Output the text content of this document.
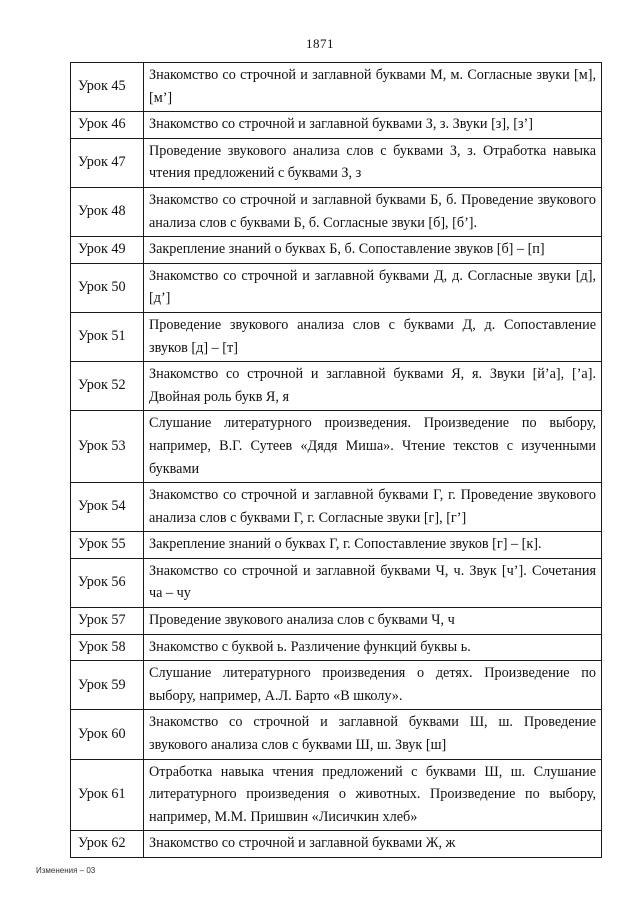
1871
Урок 45	Знакомство со строчной и заглавной буквами М, м. Согласные звуки [м], [м’]
Урок 46	Знакомство со строчной и заглавной буквами З, з. Звуки [з], [з’]
Урок 47	Проведение звукового анализа слов с буквами З, з. Отработка навыка чтения предложений с буквами З, з
Урок 48	Знакомство со строчной и заглавной буквами Б, б. Проведение звукового анализа слов с буквами Б, б. Согласные звуки [б], [б’].
Урок 49	Закрепление знаний о буквах Б, б. Сопоставление звуков [б] – [п]
Урок 50	Знакомство со строчной и заглавной буквами Д, д. Согласные звуки [д], [д’]
Урок 51	Проведение звукового анализа слов с буквами Д, д. Сопоставление звуков [д] – [т]
Урок 52	Знакомство со строчной и заглавной буквами Я, я. Звуки [й’а], [’а]. Двойная роль букв Я, я
Урок 53	Слушание литературного произведения. Произведение по выбору, например, В.Г. Сутеев «Дядя Миша». Чтение текстов с изученными буквами
Урок 54	Знакомство со строчной и заглавной буквами Г, г. Проведение звукового анализа слов с буквами Г, г. Согласные звуки [г], [г’]
Урок 55	Закрепление знаний о буквах Г, г. Сопоставление звуков [г] – [к].
Урок 56	Знакомство со строчной и заглавной буквами Ч, ч. Звук [ч’]. Сочетания ча – чу
Урок 57	Проведение звукового анализа слов с буквами Ч, ч
Урок 58	Знакомство с буквой ь. Различение функций буквы ь.
Урок 59	Слушание литературного произведения о детях. Произведение по выбору, например, А.Л. Барто «В школу».
Урок 60	Знакомство со строчной и заглавной буквами Ш, ш. Проведение звукового анализа слов с буквами Ш, ш. Звук [ш]
Урок 61	Отработка навыка чтения предложений с буквами Ш, ш. Слушание литературного произведения о животных. Произведение по выбору, например, М.М. Пришвин «Лисичкин хлеб»
Урок 62	Знакомство со строчной и заглавной буквами Ж, ж
Изменения – 03
